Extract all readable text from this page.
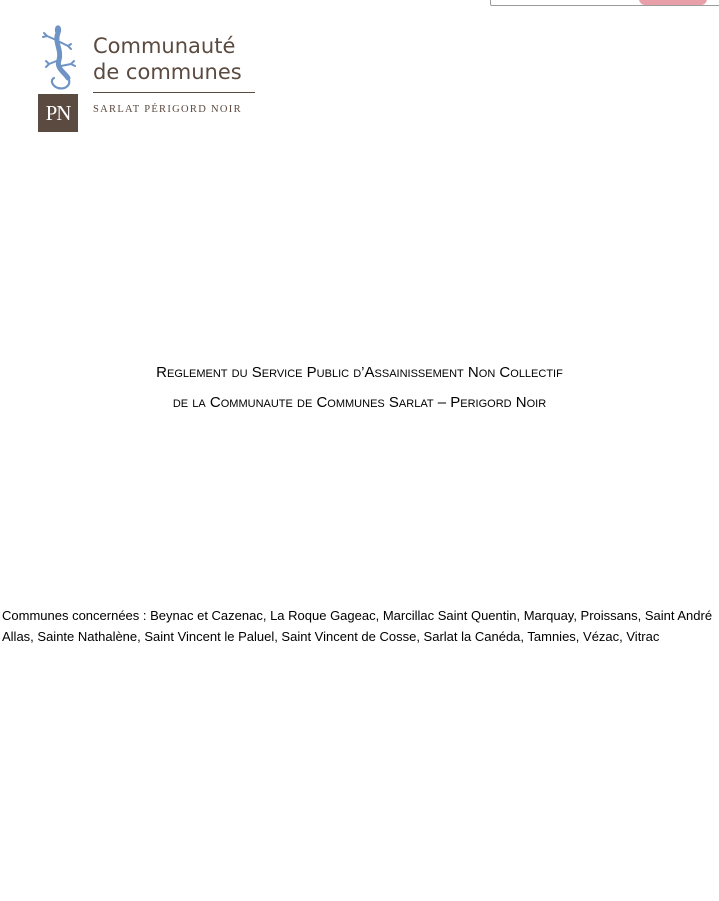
PN
Communauté
de communes
SARLAT PÉRIGORD NOIR
Reglement du Service Public d’Assainissement Non Collectif
de la Communaute de Communes Sarlat – Perigord Noir
Communes concernées : Beynac et Cazenac, La Roque Gageac, Marcillac Saint Quentin, Marquay, Proissans, Saint André Allas, Sainte Nathalène, Saint Vincent le Paluel, Saint Vincent de Cosse, Sarlat la Canéda, Tamnies, Vézac, Vitrac
